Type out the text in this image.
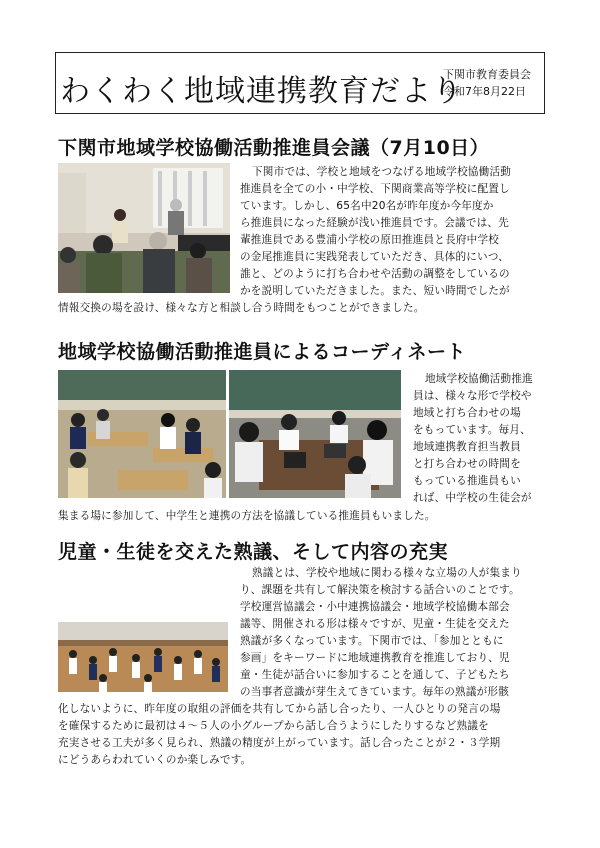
わくわく地域連携教育だより
下関市教育委員会
令和7年8月22日
下関市地域学校協働活動推進員会議（7月10日）
下関市では、学校と地域をつなげる地域学校協働活動
推進員を全ての小・中学校、下関商業高等学校に配置し
ています。しかし、65名中20名が昨年度か今年度か
ら推進員になった経験が浅い推進員です。会議では、先
輩推進員である豊浦小学校の原田推進員と長府中学校
の金尾推進員に実践発表していただき、具体的にいつ、
誰と、どのように打ち合わせや活動の調整をしているの
かを説明していただきました。また、短い時間でしたが
情報交換の場を設け、様々な方と相談し合う時間をもつことができました。
地域学校協働活動推進員によるコーディネート
地域学校協働活動推進
員は、様々な形で学校や
地域と打ち合わせの場
をもっています。毎月、
地域連携教育担当教員
と打ち合わせの時間を
もっている推進員もい
れば、中学校の生徒会が
集まる場に参加して、中学生と連携の方法を協議している推進員もいました。
児童・生徒を交えた熟議、そして内容の充実
熟議とは、学校や地域に関わる様々な立場の人が集まり
り、課題を共有して解決策を検討する話合いのことです。
学校運営協議会・小中連携協議会・地域学校協働本部会
議等、開催される形は様々ですが、児童・生徒を交えた
熟議が多くなっています。下関市では、「参加とともに
参画」をキーワードに地域連携教育を推進しており、児
童・生徒が話合いに参加することを通して、子どもたち
の当事者意識が芽生えてきています。毎年の熟議が形骸
化しないように、昨年度の取組の評価を共有してから話し合ったり、一人ひとりの発言の場
を確保するために最初は４～５人の小グループから話し合うようにしたりするなど熟議を
充実させる工夫が多く見られ、熟議の精度が上がっています。話し合ったことが２・３学期
にどうあらわれていくのか楽しみです。
